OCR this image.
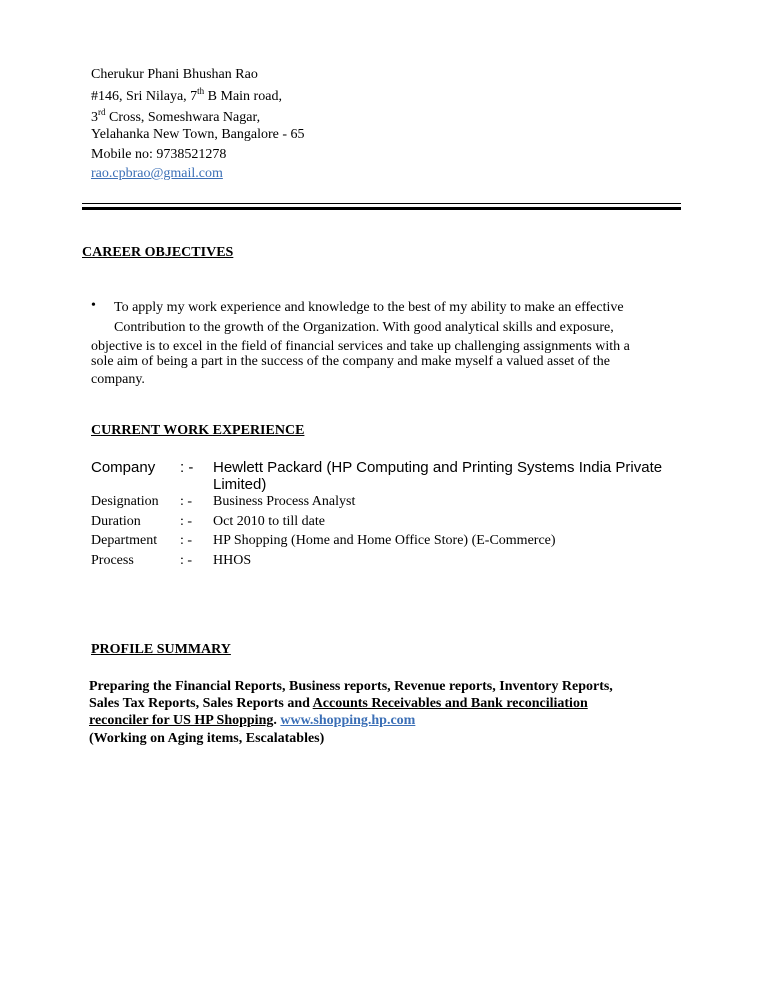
Cherukur Phani Bhushan Rao
#146, Sri Nilaya, 7th B Main road,
3rd Cross, Someshwara Nagar,
Yelahanka New Town, Bangalore - 65
Mobile no: 9738521278
rao.cpbrao@gmail.com
CAREER OBJECTIVES
• To apply my work experience and knowledge to the best of my ability to make an effective
Contribution to the growth of the Organization. With good analytical skills and exposure,
objective is to excel in the field of financial services and take up challenging assignments with a
sole aim of being a part in the success of the company and make myself a valued asset of the
company.
CURRENT WORK EXPERIENCE
Company : - Hewlett Packard (HP Computing and Printing Systems India Private
Limited)
Designation : - Business Process Analyst
Duration	: - Oct 2010 to till date
Department : - HP Shopping (Home and Home Office Store) (E-Commerce)
Process	: - HHOS
PROFILE SUMMARY
Preparing the Financial Reports, Business reports, Revenue reports, Inventory Reports,
Sales Tax Reports, Sales Reports and Accounts Receivables and Bank reconciliation
reconciler for US HP Shopping. www.shopping.hp.com
(Working on Aging items, Escalatables)
